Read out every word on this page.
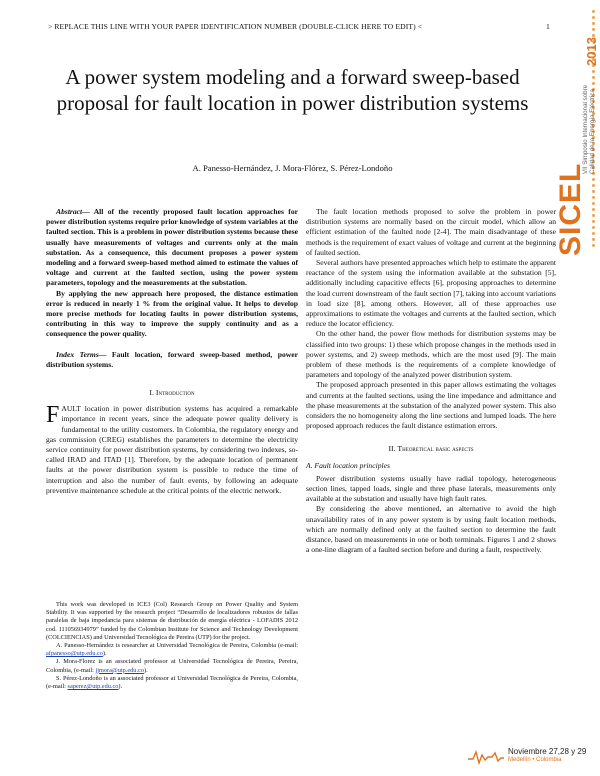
> REPLACE THIS LINE WITH YOUR PAPER IDENTIFICATION NUMBER (DOUBLE-CLICK HERE TO EDIT) <	1
SICEL
VII Simposio Internacional sobre Calidad de la Energía Eléctrica
2013
A power system modeling and a forward sweep-based proposal for fault location in power distribution systems
A. Panesso-Hernández, J. Mora-Flórez, S. Pérez-Londoño

Abstract— All of the recently proposed fault location approaches for power distribution systems require prior knowledge of system variables at the faulted section. This is a problem in power distribution systems because these usually have measurements of voltages and currents only at the main substation. As a consequence, this document proposes a power system modeling and a forward sweep-based method aimed to estimate the values of voltage and current at the faulted section, using the power system parameters, topology and the measurements at the substation.

By applying the new approach here proposed, the distance estimation error is reduced in nearly 1 % from the original value. It helps to develop more precise methods for locating faults in power distribution systems, contributing in this way to improve the supply continuity and as a consequence the power quality.

Index Terms— Fault location, forward sweep-based method, power distribution systems.

I. Introduction

FAULT location in power distribution systems has acquired a remarkable importance in recent years, since the adequate power quality delivery is fundamental to the utility customers. In Colombia, the regulatory energy and gas commission (CREG) establishes the parameters to determine the electricity service continuity for power distribution systems, by considering two indexes, so-called IRAD and ITAD [1]. Therefore, by the adequate location of permanent faults at the power distribution system is possible to reduce the time of interruption and also the number of fault events, by following an adequate preventive maintenance schedule at the critical points of the electric network.

This work was developed in ICE3 (Col) Research Group on Power Quality and System Stability. It was supported by the research project “Desarrollo de localizadores robustos de fallas paralelas de baja impedancia para sistemas de distribución de energía eléctrica - LOFADIS 2012 cod. 111056934979” funded by the Colombian Institute for Science and Technology Development (COLCIENCIAS) and Universidad Tecnológica de Pereira (UTP) for the project.

A. Panesso-Hernández is researcher at Universidad Tecnológica de Pereira, Colombia (e-mail: afpanesso@utp.edu.co).

J. Mora-Florez is an associated professor at Universidad Tecnológica de Pereira, Pereira, Colombia, (e-mail: jjmora@utp.edu.co).

S. Pérez-Londoño is an associated professor at Universidad Tecnológica de Pereira, Colombia, (e-mail: saperez@utp.edu.co).

The fault location methods proposed to solve the problem in power distribution systems are normally based on the circuit model, which allow an efficient estimation of the faulted node [2-4]. The main disadvantage of these methods is the requirement of exact values of voltage and current at the beginning of faulted section.

Several authors have presented approaches which help to estimate the apparent reactance of the system using the information available at the substation [5], additionally including capacitive effects [6], proposing approaches to determine the load current downstream of the fault section [7], taking into account variations in load size [8], among others. However, all of these approaches use approximations to estimate the voltages and currents at the faulted section, which reduce the locator efficiency.

On the other hand, the power flow methods for distribution systems may be classified into two groups: 1) these which propose changes in the methods used in power systems, and 2) sweep methods, which are the most used [9]. The main problem of these methods is the requirements of a complete knowledge of parameters and topology of the analyzed power distribution system.

The proposed approach presented in this paper allows estimating the voltages and currents at the faulted sections, using the line impedance and admittance and the phase measurements at the substation of the analyzed power system. This also considers the no homogeneity along the line sections and lumped loads. The here proposed approach reduces the fault distance estimation errors.

II. Theoretical basic aspects
A. Fault location principles

Power distribution systems usually have radial topology, heterogeneous section lines, tapped loads, single and three phase laterals, measurements only available at the substation and usually have high fault rates.

By considering the above mentioned, an alternative to avoid the high unavailability rates of in any power system is by using fault location methods, which are normally defined only at the faulted section to determine the fault distance, based on measurements in one or both terminals. Figures 1 and 2 shows a one-line diagram of a faulted section before and during a fault, respectively.

Noviembre 27,28 y 29
Medellín • Colombia
